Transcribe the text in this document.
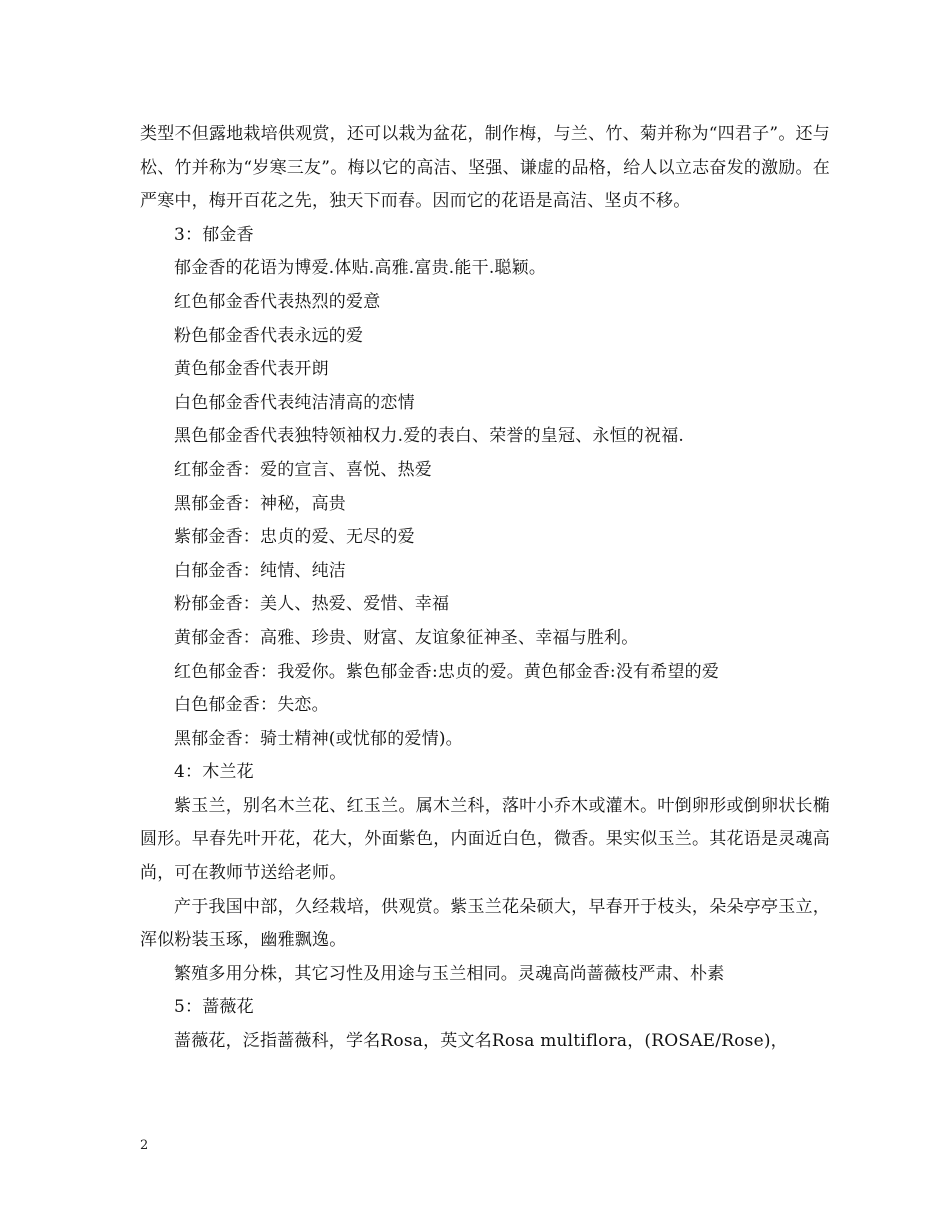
类型不但露地栽培供观赏，还可以栽为盆花，制作梅，与兰、竹、菊并称为“四君子”。还与松、竹并称为“岁寒三友”。梅以它的高洁、坚强、谦虚的品格，给人以立志奋发的激励。在严寒中，梅开百花之先，独天下而春。因而它的花语是高洁、坚贞不移。

3：郁金香

郁金香的花语为博爱.体贴.高雅.富贵.能干.聪颖。

红色郁金香代表热烈的爱意

粉色郁金香代表永远的爱

黄色郁金香代表开朗

白色郁金香代表纯洁清高的恋情

黑色郁金香代表独特领袖权力.爱的表白、荣誉的皇冠、永恒的祝福.

红郁金香：爱的宣言、喜悦、热爱

黑郁金香：神秘，高贵

紫郁金香：忠贞的爱、无尽的爱

白郁金香：纯情、纯洁

粉郁金香：美人、热爱、爱惜、幸福

黄郁金香：高雅、珍贵、财富、友谊象征神圣、幸福与胜利。

红色郁金香：我爱你。紫色郁金香:忠贞的爱。黄色郁金香:没有希望的爱

白色郁金香：失恋。

黑郁金香：骑士精神(或忧郁的爱情)。

4：木兰花

紫玉兰，别名木兰花、红玉兰。属木兰科，落叶小乔木或灌木。叶倒卵形或倒卵状长椭圆形。早春先叶开花，花大，外面紫色，内面近白色，微香。果实似玉兰。其花语是灵魂高尚，可在教师节送给老师。

产于我国中部，久经栽培，供观赏。紫玉兰花朵硕大，早春开于枝头，朵朵亭亭玉立，浑似粉装玉琢，幽雅飘逸。

繁殖多用分株，其它习性及用途与玉兰相同。灵魂高尚蔷薇枝严肃、朴素

5：蔷薇花

蔷薇花，泛指蔷薇科，学名Rosa，英文名Rosa multiflora，(ROSAE/Rose)，

2
